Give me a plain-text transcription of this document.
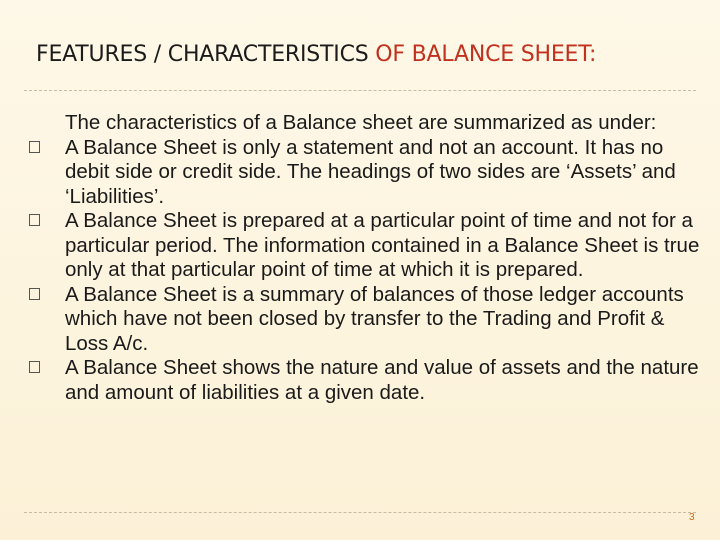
FEATURES / CHARACTERISTICS OF BALANCE SHEET:

The characteristics of a Balance sheet are summarized as under:

A Balance Sheet is only a statement and not an account. It has no debit side or credit side. The headings of two sides are ‘Assets’ and ‘Liabilities’.
A Balance Sheet is prepared at a particular point of time and not for a particular period. The information contained in a Balance Sheet is true only at that particular point of time at which it is prepared.
A Balance Sheet is a summary of balances of those ledger accounts which have not been closed by transfer to the Trading and Profit & Loss A/c.
A Balance Sheet shows the nature and value of assets and the nature and amount of liabilities at a given date.
3
